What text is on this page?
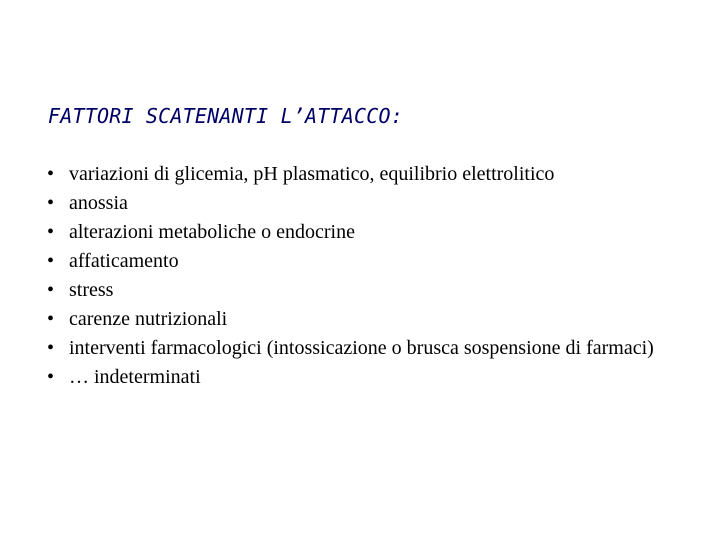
FATTORI SCATENANTI L’ATTACCO:
• variazioni di glicemia, pH plasmatico, equilibrio elettrolitico
• anossia
• alterazioni metaboliche o endocrine
• affaticamento
• stress
• carenze nutrizionali
• interventi farmacologici (intossicazione o brusca sospensione di farmaci)
• … indeterminati
